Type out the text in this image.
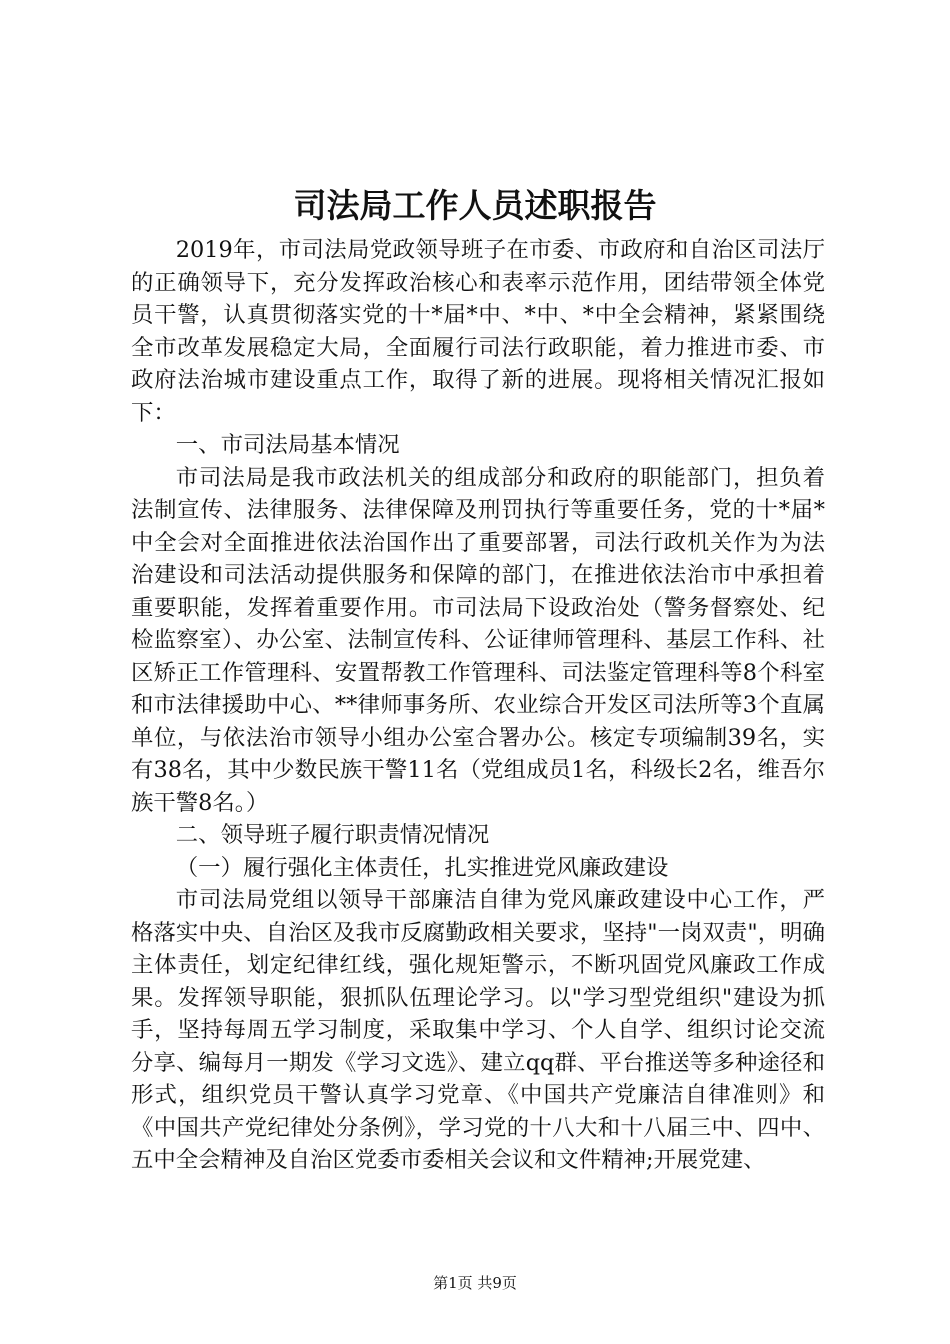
司法局工作人员述职报告

2019年，市司法局党政领导班子在市委、市政府和自治区司法厅的正确领导下，充分发挥政治核心和表率示范作用，团结带领全体党员干警，认真贯彻落实党的十*届*中、*中、*中全会精神，紧紧围绕全市改革发展稳定大局，全面履行司法行政职能，着力推进市委、市政府法治城市建设重点工作，取得了新的进展。现将相关情况汇报如下：

一、市司法局基本情况

市司法局是我市政法机关的组成部分和政府的职能部门，担负着法制宣传、法律服务、法律保障及刑罚执行等重要任务，党的十*届*中全会对全面推进依法治国作出了重要部署，司法行政机关作为为法治建设和司法活动提供服务和保障的部门，在推进依法治市中承担着重要职能，发挥着重要作用。市司法局下设政治处（警务督察处、纪检监察室）、办公室、法制宣传科、公证律师管理科、基层工作科、社区矫正工作管理科、安置帮教工作管理科、司法鉴定管理科等8个科室和市法律援助中心、**律师事务所、农业综合开发区司法所等3个直属单位，与依法治市领导小组办公室合署办公。核定专项编制39名，实有38名，其中少数民族干警11名（党组成员1名，科级长2名，维吾尔族干警8名。）

二、领导班子履行职责情况情况

（一）履行强化主体责任，扎实推进党风廉政建设

市司法局党组以领导干部廉洁自律为党风廉政建设中心工作，严格落实中央、自治区及我市反腐勤政相关要求，坚持"一岗双责"，明确主体责任，划定纪律红线，强化规矩警示，不断巩固党风廉政工作成果。发挥领导职能，狠抓队伍理论学习。以"学习型党组织"建设为抓手，坚持每周五学习制度，采取集中学习、个人自学、组织讨论交流分享、编每月一期发《学习文选》、建立qq群、平台推送等多种途径和形式，组织党员干警认真学习党章、《中国共产党廉洁自律准则》和《中国共产党纪律处分条例》，学习党的十八大和十八届三中、四中、五中全会精神及自治区党委市委相关会议和文件精神;开展党建、

第1页 共9页
